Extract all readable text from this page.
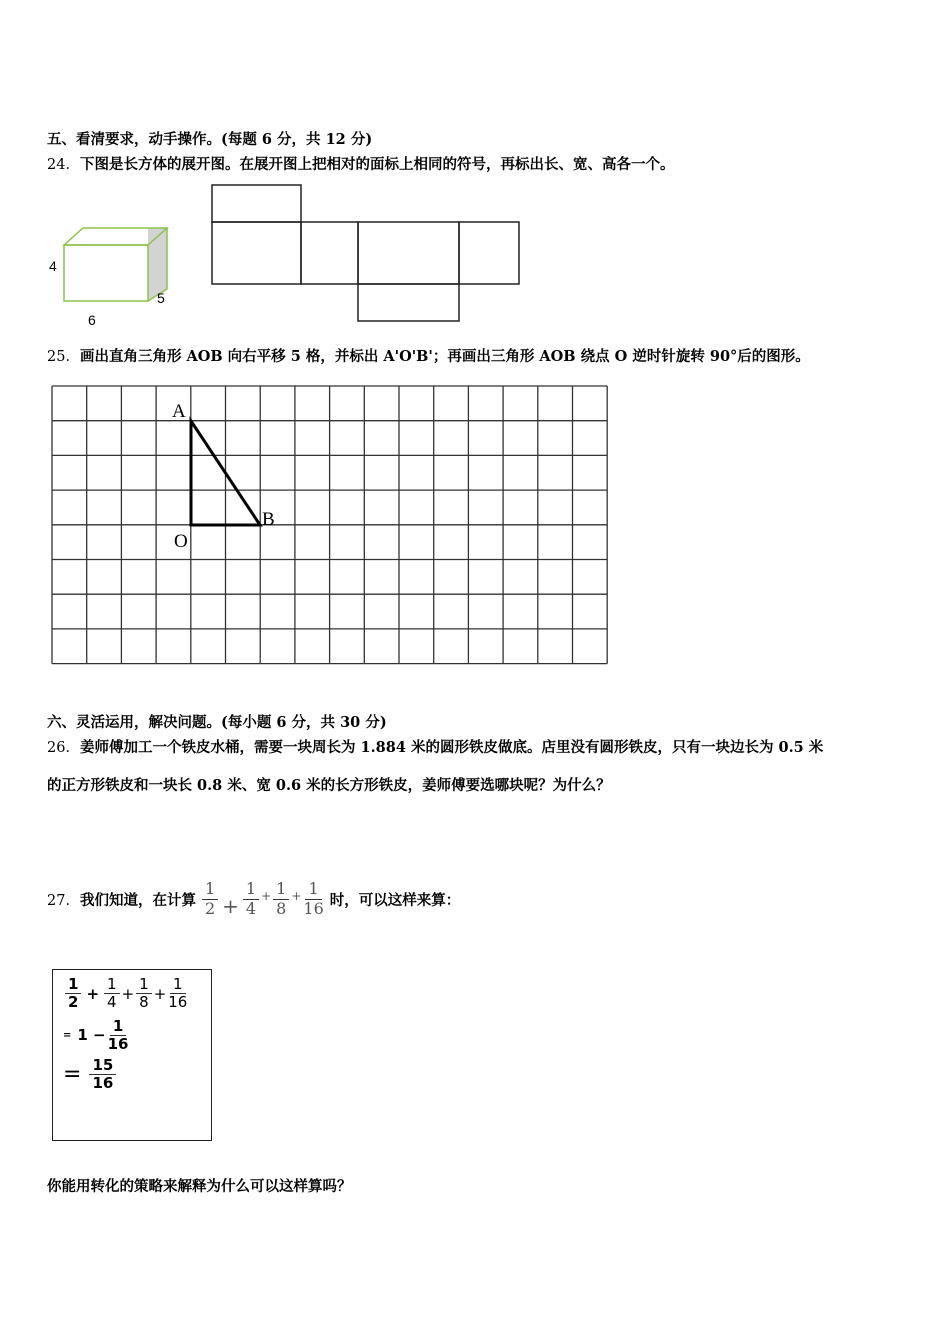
五、看清要求，动手操作。(每题 6 分，共 12 分)
24．下图是长方体的展开图。在展开图上把相对的面标上相同的符号，再标出长、宽、高各一个。
4
5
6
25．画出直角三角形 AOB 向右平移 5 格，并标出 A'O'B'；再画出三角形 AOB 绕点 O 逆时针旋转 90°后的图形。
A
O
B
六、灵活运用，解决问题。(每小题 6 分，共 30 分)
26．姜师傅加工一个铁皮水桶，需要一块周长为 1.884 米的圆形铁皮做底。店里没有圆形铁皮，只有一块边长为 0.5 米
的正方形铁皮和一块长 0.8 米、宽 0.6 米的长方形铁皮，姜师傅要选哪块呢？为什么？
27． 我们知道，在计算 $\frac{1}{2} + \frac{1}{4} + \frac{1}{8} + \frac{1}{16}$ 时，可以这样来算：
$\frac{1}{2} + \frac{1}{4} + \frac{1}{8} + \frac{1}{16}$
= $1 - \frac{1}{16}$
= $\frac{15}{16}$
你能用转化的策略来解释为什么可以这样算吗？
